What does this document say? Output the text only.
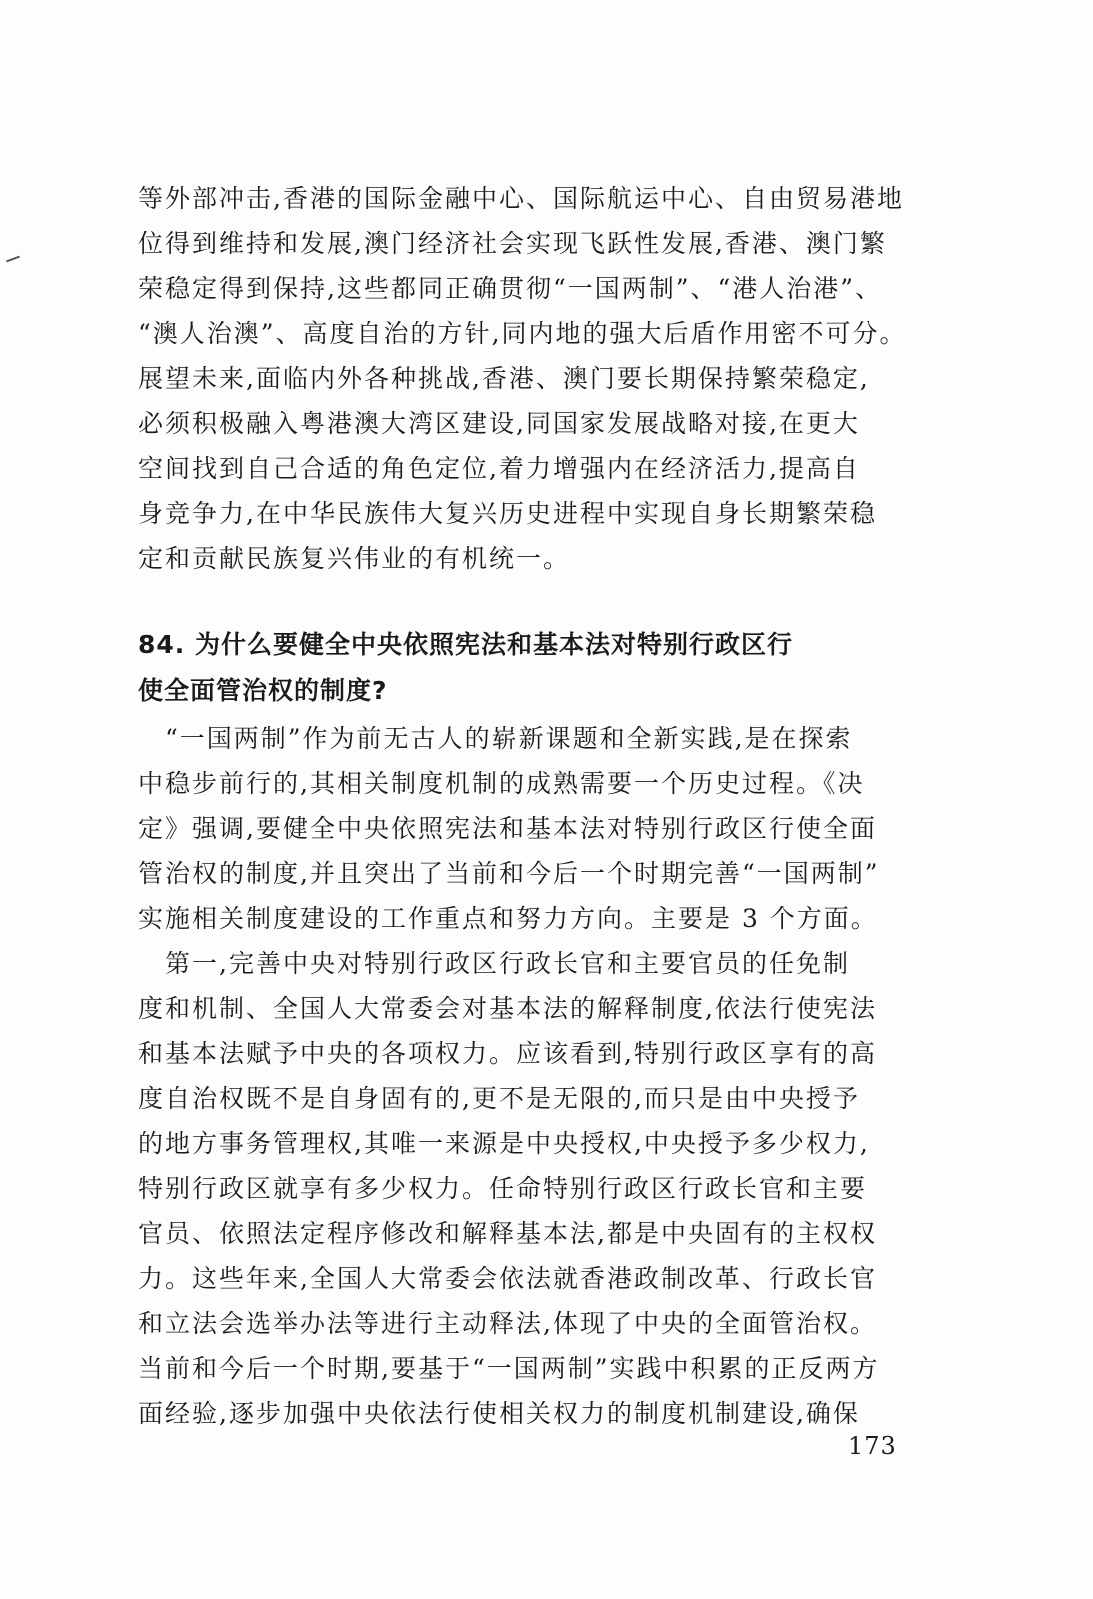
等外部冲击,香港的国际金融中心、国际航运中心、自由贸易港地
位得到维持和发展,澳门经济社会实现飞跃性发展,香港、澳门繁
荣稳定得到保持,这些都同正确贯彻“一国两制”、“港人治港”、
“澳人治澳”、高度自治的方针,同内地的强大后盾作用密不可分。
展望未来,面临内外各种挑战,香港、澳门要长期保持繁荣稳定,
必须积极融入粤港澳大湾区建设,同国家发展战略对接,在更大
空间找到自己合适的角色定位,着力增强内在经济活力,提高自
身竞争力,在中华民族伟大复兴历史进程中实现自身长期繁荣稳
定和贡献民族复兴伟业的有机统一。
84. 为什么要健全中央依照宪法和基本法对特别行政区行
使全面管治权的制度?
　“一国两制”作为前无古人的崭新课题和全新实践,是在探索
中稳步前行的,其相关制度机制的成熟需要一个历史过程。《决
定》强调,要健全中央依照宪法和基本法对特别行政区行使全面
管治权的制度,并且突出了当前和今后一个时期完善“一国两制”
实施相关制度建设的工作重点和努力方向。主要是 3 个方面。
　第一,完善中央对特别行政区行政长官和主要官员的任免制
度和机制、全国人大常委会对基本法的解释制度,依法行使宪法
和基本法赋予中央的各项权力。应该看到,特别行政区享有的高
度自治权既不是自身固有的,更不是无限的,而只是由中央授予
的地方事务管理权,其唯一来源是中央授权,中央授予多少权力,
特别行政区就享有多少权力。任命特别行政区行政长官和主要
官员、依照法定程序修改和解释基本法,都是中央固有的主权权
力。这些年来,全国人大常委会依法就香港政制改革、行政长官
和立法会选举办法等进行主动释法,体现了中央的全面管治权。
当前和今后一个时期,要基于“一国两制”实践中积累的正反两方
面经验,逐步加强中央依法行使相关权力的制度机制建设,确保
173
